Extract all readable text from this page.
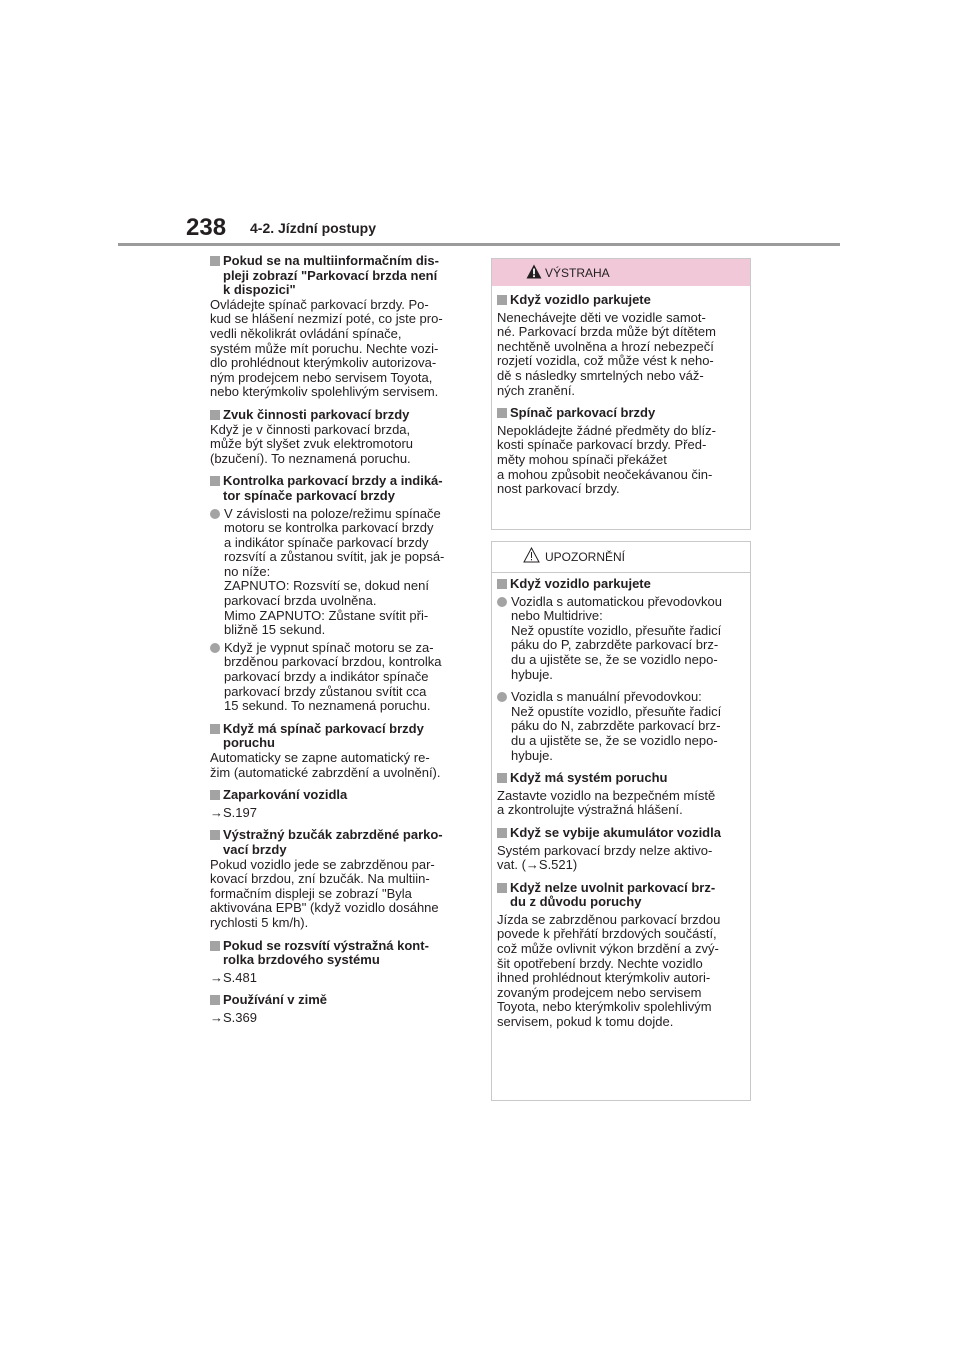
238 4-2. Jízdní postupy
Pokud se na multiinformačním dis-
pleji zobrazí "Parkovací brzda není
k dispozici"
Ovládejte spínač parkovací brzdy. Po-
kud se hlášení nezmizí poté, co jste pro-
vedli několikrát ovládání spínače,
systém může mít poruchu. Nechte vozi-
dlo prohlédnout kterýmkoliv autorizova-
ným prodejcem nebo servisem Toyota,
nebo kterýmkoliv spolehlivým servisem.
Zvuk činnosti parkovací brzdy
Když je v činnosti parkovací brzda,
může být slyšet zvuk elektromotoru
(bzučení). To neznamená poruchu.
Kontrolka parkovací brzdy a indiká-
tor spínače parkovací brzdy
V závislosti na poloze/režimu spínače
motoru se kontrolka parkovací brzdy
a indikátor spínače parkovací brzdy
rozsvítí a zůstanou svítit, jak je popsá-
no níže:
ZAPNUTO: Rozsvítí se, dokud není
parkovací brzda uvolněna.
Mimo ZAPNUTO: Zůstane svítit při-
bližně 15 sekund.
Když je vypnut spínač motoru se za-
brzděnou parkovací brzdou, kontrolka
parkovací brzdy a indikátor spínače
parkovací brzdy zůstanou svítit cca
15 sekund. To neznamená poruchu.
Když má spínač parkovací brzdy
poruchu
Automaticky se zapne automatický re-
žim (automatické zabrzdění a uvolnění).
Zaparkování vozidla
→S.197
Výstražný bzučák zabrzděné parko-
vací brzdy
Pokud vozidlo jede se zabrzděnou par-
kovací brzdou, zní bzučák. Na multiin-
formačním displeji se zobrazí "Byla
aktivována EPB" (když vozidlo dosáhne
rychlosti 5 km/h).
Pokud se rozsvítí výstražná kont-
rolka brzdového systému
→S.481
Používání v zimě
→S.369
VÝSTRAHA
Když vozidlo parkujete
Nenechávejte děti ve vozidle samot-
né. Parkovací brzda může být dítětem
nechtěně uvolněna a hrozí nebezpečí
rozjetí vozidla, což může vést k neho-
dě s následky smrtelných nebo váž-
ných zranění.
Spínač parkovací brzdy
Nepokládejte žádné předměty do blíz-
kosti spínače parkovací brzdy. Před-
měty mohou spínači překážet
a mohou způsobit neočekávanou čin-
nost parkovací brzdy.
UPOZORNĚNÍ
Když vozidlo parkujete
Vozidla s automatickou převodovkou
nebo Multidrive:
Než opustíte vozidlo, přesuňte řadicí
páku do P, zabrzděte parkovací brz-
du a ujistěte se, že se vozidlo nepo-
hybuje.
Vozidla s manuální převodovkou:
Než opustíte vozidlo, přesuňte řadicí
páku do N, zabrzděte parkovací brz-
du a ujistěte se, že se vozidlo nepo-
hybuje.
Když má systém poruchu
Zastavte vozidlo na bezpečném místě
a zkontrolujte výstražná hlášení.
Když se vybije akumulátor vozidla
Systém parkovací brzdy nelze aktivo-
vat. (→S.521)
Když nelze uvolnit parkovací brz-
du z důvodu poruchy
Jízda se zabrzděnou parkovací brzdou
povede k přehřátí brzdových součástí,
což může ovlivnit výkon brzdění a zvý-
šit opotřebení brzdy. Nechte vozidlo
ihned prohlédnout kterýmkoliv autori-
zovaným prodejcem nebo servisem
Toyota, nebo kterýmkoliv spolehlivým
servisem, pokud k tomu dojde.
